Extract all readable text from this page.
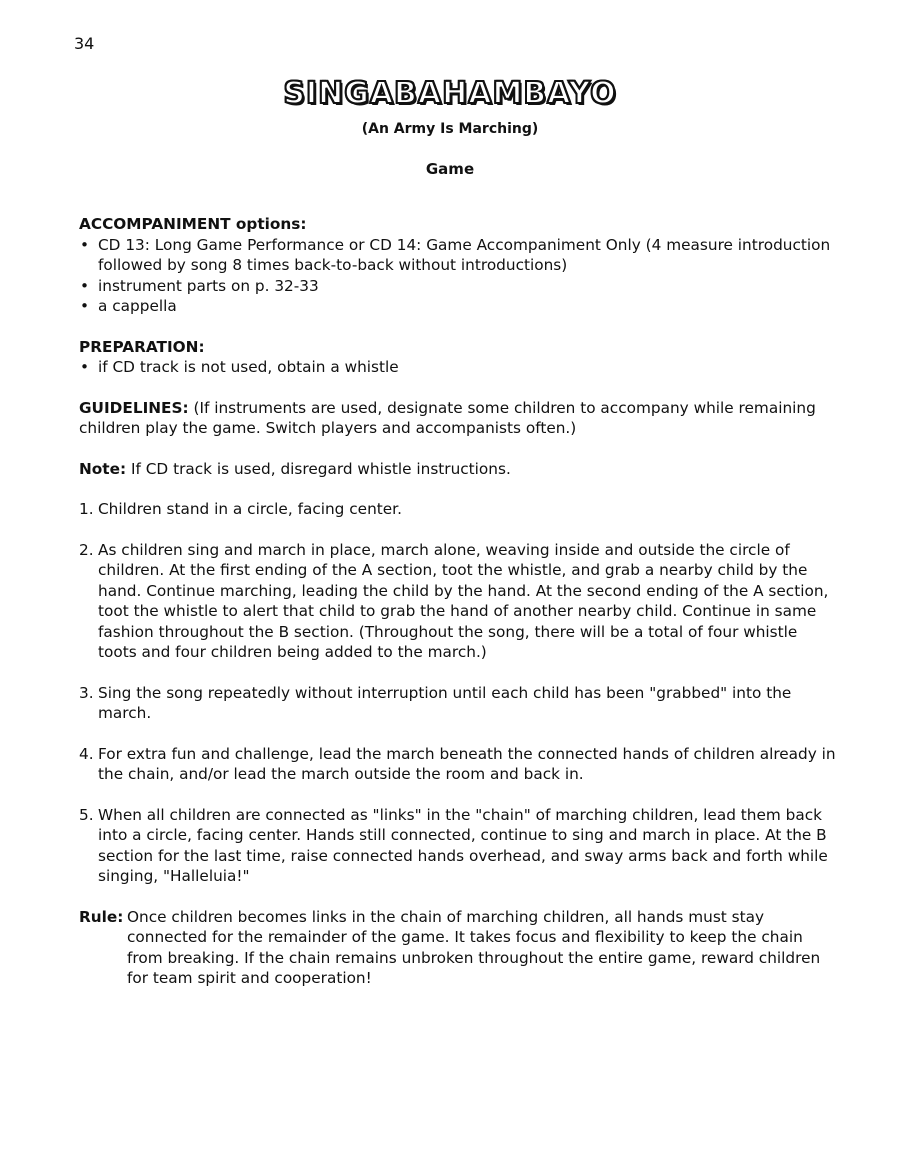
34
SINGABAHAMBAYO
(An Army Is Marching)
Game

ACCOMPANIMENT options:

• CD 13: Long Game Performance or CD 14: Game Accompaniment Only (4 measure introduction followed by song 8 times back-to-back without introductions)
• instrument parts on p. 32-33
• a cappella

PREPARATION:

• if CD track is not used, obtain a whistle

GUIDELINES: (If instruments are used, designate some children to accompany while remaining children play the game. Switch players and accompanists often.)

Note: If CD track is used, disregard whistle instructions.

1. Children stand in a circle, facing center.
2. As children sing and march in place, march alone, weaving inside and outside the circle of children. At the first ending of the A section, toot the whistle, and grab a nearby child by the hand. Continue marching, leading the child by the hand. At the second ending of the A section, toot the whistle to alert that child to grab the hand of another nearby child. Continue in same fashion throughout the B section. (Throughout the song, there will be a total of four whistle toots and four children being added to the march.)
3. Sing the song repeatedly without interruption until each child has been "grabbed" into the march.
4. For extra fun and challenge, lead the march beneath the connected hands of children already in the chain, and/or lead the march outside the room and back in.
5. When all children are connected as "links" in the "chain" of marching children, lead them back into a circle, facing center. Hands still connected, continue to sing and march in place. At the B section for the last time, raise connected hands overhead, and sway arms back and forth while singing, "Halleluia!"
Rule: Once children becomes links in the chain of marching children, all hands must stay connected for the remainder of the game. It takes focus and flexibility to keep the chain from breaking. If the chain remains unbroken throughout the entire game, reward children for team spirit and cooperation!
